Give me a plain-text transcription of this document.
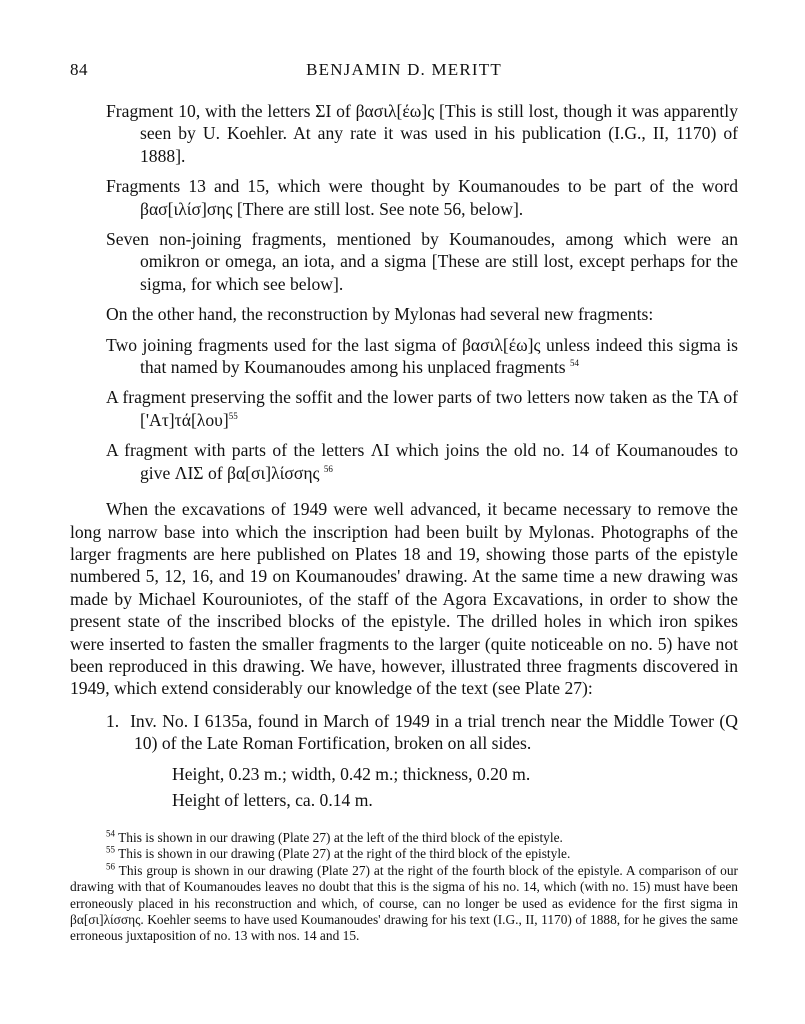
84	BENJAMIN D. MERITT

Fragment 10, with the letters ΣΙ of βασιλ[έω]ς [This is still lost, though it was apparently seen by U. Koehler. At any rate it was used in his publication (I.G., II, 1170) of 1888].

Fragments 13 and 15, which were thought by Koumanoudes to be part of the word βασ[ιλίσ]σης [There are still lost. See note 56, below].

Seven non-joining fragments, mentioned by Koumanoudes, among which were an omikron or omega, an iota, and a sigma [These are still lost, except perhaps for the sigma, for which see below].

On the other hand, the reconstruction by Mylonas had several new fragments:

Two joining fragments used for the last sigma of βασιλ[έω]ς unless indeed this sigma is that named by Koumanoudes among his unplaced fragments $^{54}$

A fragment preserving the soffit and the lower parts of two letters now taken as the ΤΑ of $['A\tau]\tau ά[\lambda o\upsilon]^{55}$

A fragment with parts of the letters ΛΙ which joins the old no. 14 of Koumanoudes to give ΛΙΣ of βα[σι]λίσσης $^{56}$

When the excavations of 1949 were well advanced, it became necessary to remove the long narrow base into which the inscription had been built by Mylonas. Photographs of the larger fragments are here published on Plates 18 and 19, showing those parts of the epistyle numbered 5, 12, 16, and 19 on Koumanoudes' drawing. At the same time a new drawing was made by Michael Kourouniotes, of the staff of the Agora Excavations, in order to show the present state of the inscribed blocks of the epistyle. The drilled holes in which iron spikes were inserted to fasten the smaller fragments to the larger (quite noticeable on no. 5) have not been reproduced in this drawing. We have, however, illustrated three fragments discovered in 1949, which extend considerably our knowledge of the text (see Plate 27):

1. Inv. No. I 6135a, found in March of 1949 in a trial trench near the Middle Tower (Q 10) of the Late Roman Fortification, broken on all sides.

Height, 0.23 m.; width, 0.42 m.; thickness, 0.20 m.
Height of letters, ca. 0.14 m.

$^{54}$ This is shown in our drawing (Plate 27) at the left of the third block of the epistyle.

$^{55}$ This is shown in our drawing (Plate 27) at the right of the third block of the epistyle.

$^{56}$ This group is shown in our drawing (Plate 27) at the right of the fourth block of the epistyle. A comparison of our drawing with that of Koumanoudes leaves no doubt that this is the sigma of his no. 14, which (with no. 15) must have been erroneously placed in his reconstruction and which, of course, can no longer be used as evidence for the first sigma in βα[σι]λίσσης. Koehler seems to have used Koumanoudes' drawing for his text (I.G., II, 1170) of 1888, for he gives the same erroneous juxtaposition of no. 13 with nos. 14 and 15.
